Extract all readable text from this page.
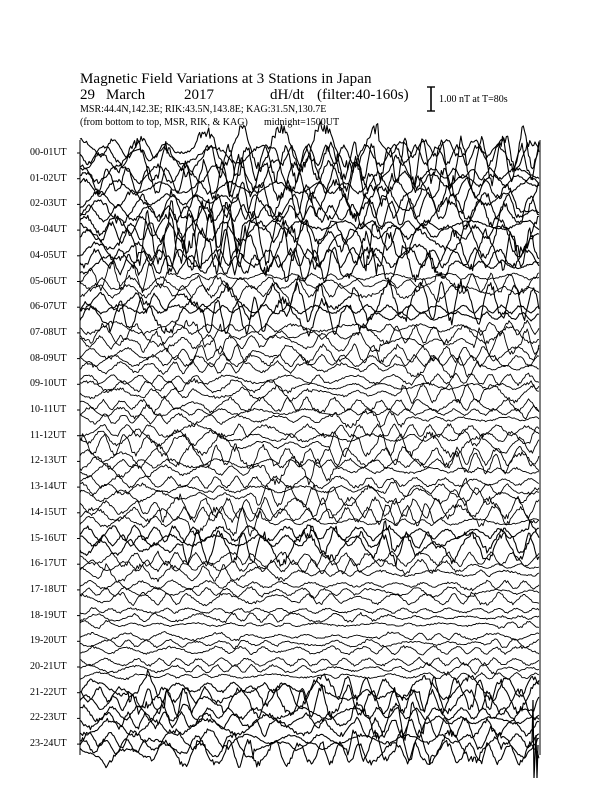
Magnetic Field Variations at 3 Stations in Japan
29 March	2017	dH/dt (filter:40-160s)
MSR:44.4N,142.3E; RIK:43.5N,143.8E; KAG:31.5N,130.7E
(from bottom to top, MSR, RIK, & KAG) midnight=1500UT
1.00 nT at T=80s
00-01UT
01-02UT
02-03UT
03-04UT
04-05UT
05-06UT
06-07UT
07-08UT
08-09UT
09-10UT
10-11UT
11-12UT
12-13UT
13-14UT
14-15UT
15-16UT
16-17UT
17-18UT
18-19UT
19-20UT
20-21UT
21-22UT
22-23UT
23-24UT
